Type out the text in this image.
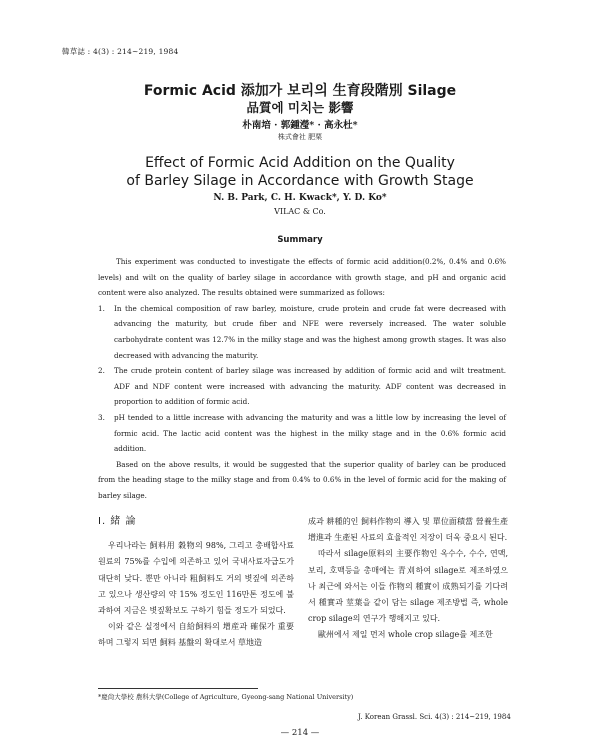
韓草誌 : 4(3) : 214~219, 1984
Formic Acid 添加가 보리의 生育段階別 Silage
品質에 미치는 影響
朴南培 · 郭鍾瀅* · 高永杜*
株式會社 肥栗
Effect of Formic Acid Addition on the Quality
of Barley Silage in Accordance with Growth Stage
N. B. Park, C. H. Kwack*, Y. D. Ko*
VILAC & Co.
Summary

This experiment was conducted to investigate the effects of formic acid addition(0.2%, 0.4% and 0.6% levels) and wilt on the quality of barley silage in accordance with growth stage, and pH and organic acid content were also analyzed. The results obtained were summarized as follows:

1. In the chemical composition of raw barley, moisture, crude protein and crude fat were decreased with advancing the maturity, but crude fiber and NFE were reversely increased. The water soluble carbohydrate content was 12.7% in the milky stage and was the highest among growth stages. It was also decreased with advancing the maturity.

2. The crude protein content of barley silage was increased by addition of formic acid and wilt treatment. ADF and NDF content were increased with advancing the maturity. ADF content was decreased in proportion to addition of formic acid.

3. pH tended to a little increase with advancing the maturity and was a little low by increasing the level of formic acid. The lactic acid content was the highest in the milky stage and in the 0.6% formic acid addition.

Based on the above results, it would be suggested that the superior quality of barley can be produced from the heading stage to the milky stage and from 0.4% to 0.6% in the level of formic acid for the making of barley silage.

I. 緒 論

우리나라는 飼料用 穀物의 98%, 그리고 총배합사료 원료의 75%를 수입에 의존하고 있어 국내사료자급도가 대단히 낮다. 뿐만 아니라 粗飼料도 거의 볏짚에 의존하고 있으나 생산량의 약 15% 정도인 116만톤 정도에 불과하여 지금은 볏짚확보도 구하기 힘들 정도가 되었다.

이와 같은 실정에서 自給飼料의 增産과 確保가 重要하며 그렇지 되면 飼料 基盤의 확대로서 草地造

成과 耕種的인 飼料作物의 導入 및 單位面積當 營養生產 增進과 生產된 사료의 효율적인 저장이 더욱 중요시 된다.

따라서 silage原料의 主要作物인 옥수수, 수수, 연맥, 보리, 호맥등을 총매에는 青刈하여 silage로 제조하였으나 최근에 와서는 이들 作物의 種實이 成熟되기를 기다려서 種實과 莖葉을 같이 담는 silage 제조방법 즉, whole crop silage의 연구가 행해지고 있다.

歐州에서 제일 먼저 whole crop silage를 제조한

*慶尙大學校 農科大學(College of Agriculture, Gyeong-sang National University)
J. Korean Grassl. Sci. 4(3) : 214~219, 1984
— 214 —
